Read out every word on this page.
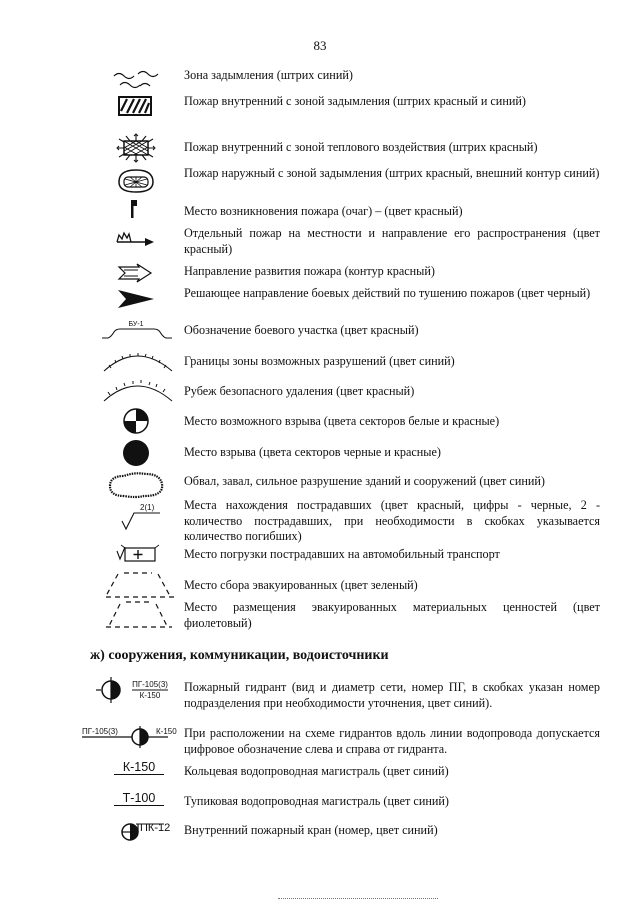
83
Зона задымления (штрих синий)
Пожар внутренний с зоной задымления (штрих красный и синий)
Пожар внутренний с зоной теплового воздействия (штрих красный)
Пожар наружный с зоной задымления (штрих красный, внешний контур синий)
Место возникновения пожара (очаг) – (цвет красный)
Отдельный пожар на местности и направление его распространения (цвет красный)
Направление развития пожара (контур красный)
Решающее направление боевых действий по тушению пожаров (цвет черный)
БУ-1	Обозначение боевого участка (цвет красный)
Границы зоны возможных разрушений (цвет синий)
Рубеж безопасного удаления (цвет красный)
Место возможного взрыва (цвета секторов белые и красные)
Место взрыва (цвета секторов черные и красные)
Обвал, завал, сильное разрушение зданий и сооружений (цвет синий)
2(1) Места нахождения пострадавших (цвет красный, цифры - черные, 2 - количество пострадавших, при необходимости в скобках указывается количество погибших)
Место погрузки пострадавших на автомобильный транспорт
Место сбора эвакуированных (цвет зеленый)
Место размещения эвакуированных материальных ценностей (цвет фиолетовый)
ж) сооружения, коммуникации, водоисточники
ПГ-105(3)
К-150
Пожарный гидрант (вид и диаметр сети, номер ПГ, в скобках указан номер подразделения при необходимости уточнения, цвет синий).
ПГ-105(3)	К-150 При расположении на схеме гидрантов вдоль линии водопровода допускается цифровое обозначение слева и справа от гидранта.
К-150	Кольцевая водопроводная магистраль (цвет синий)
Т-100	Тупиковая водопроводная магистраль (цвет синий)
ПК-12 Внутренний пожарный кран (номер, цвет синий)
